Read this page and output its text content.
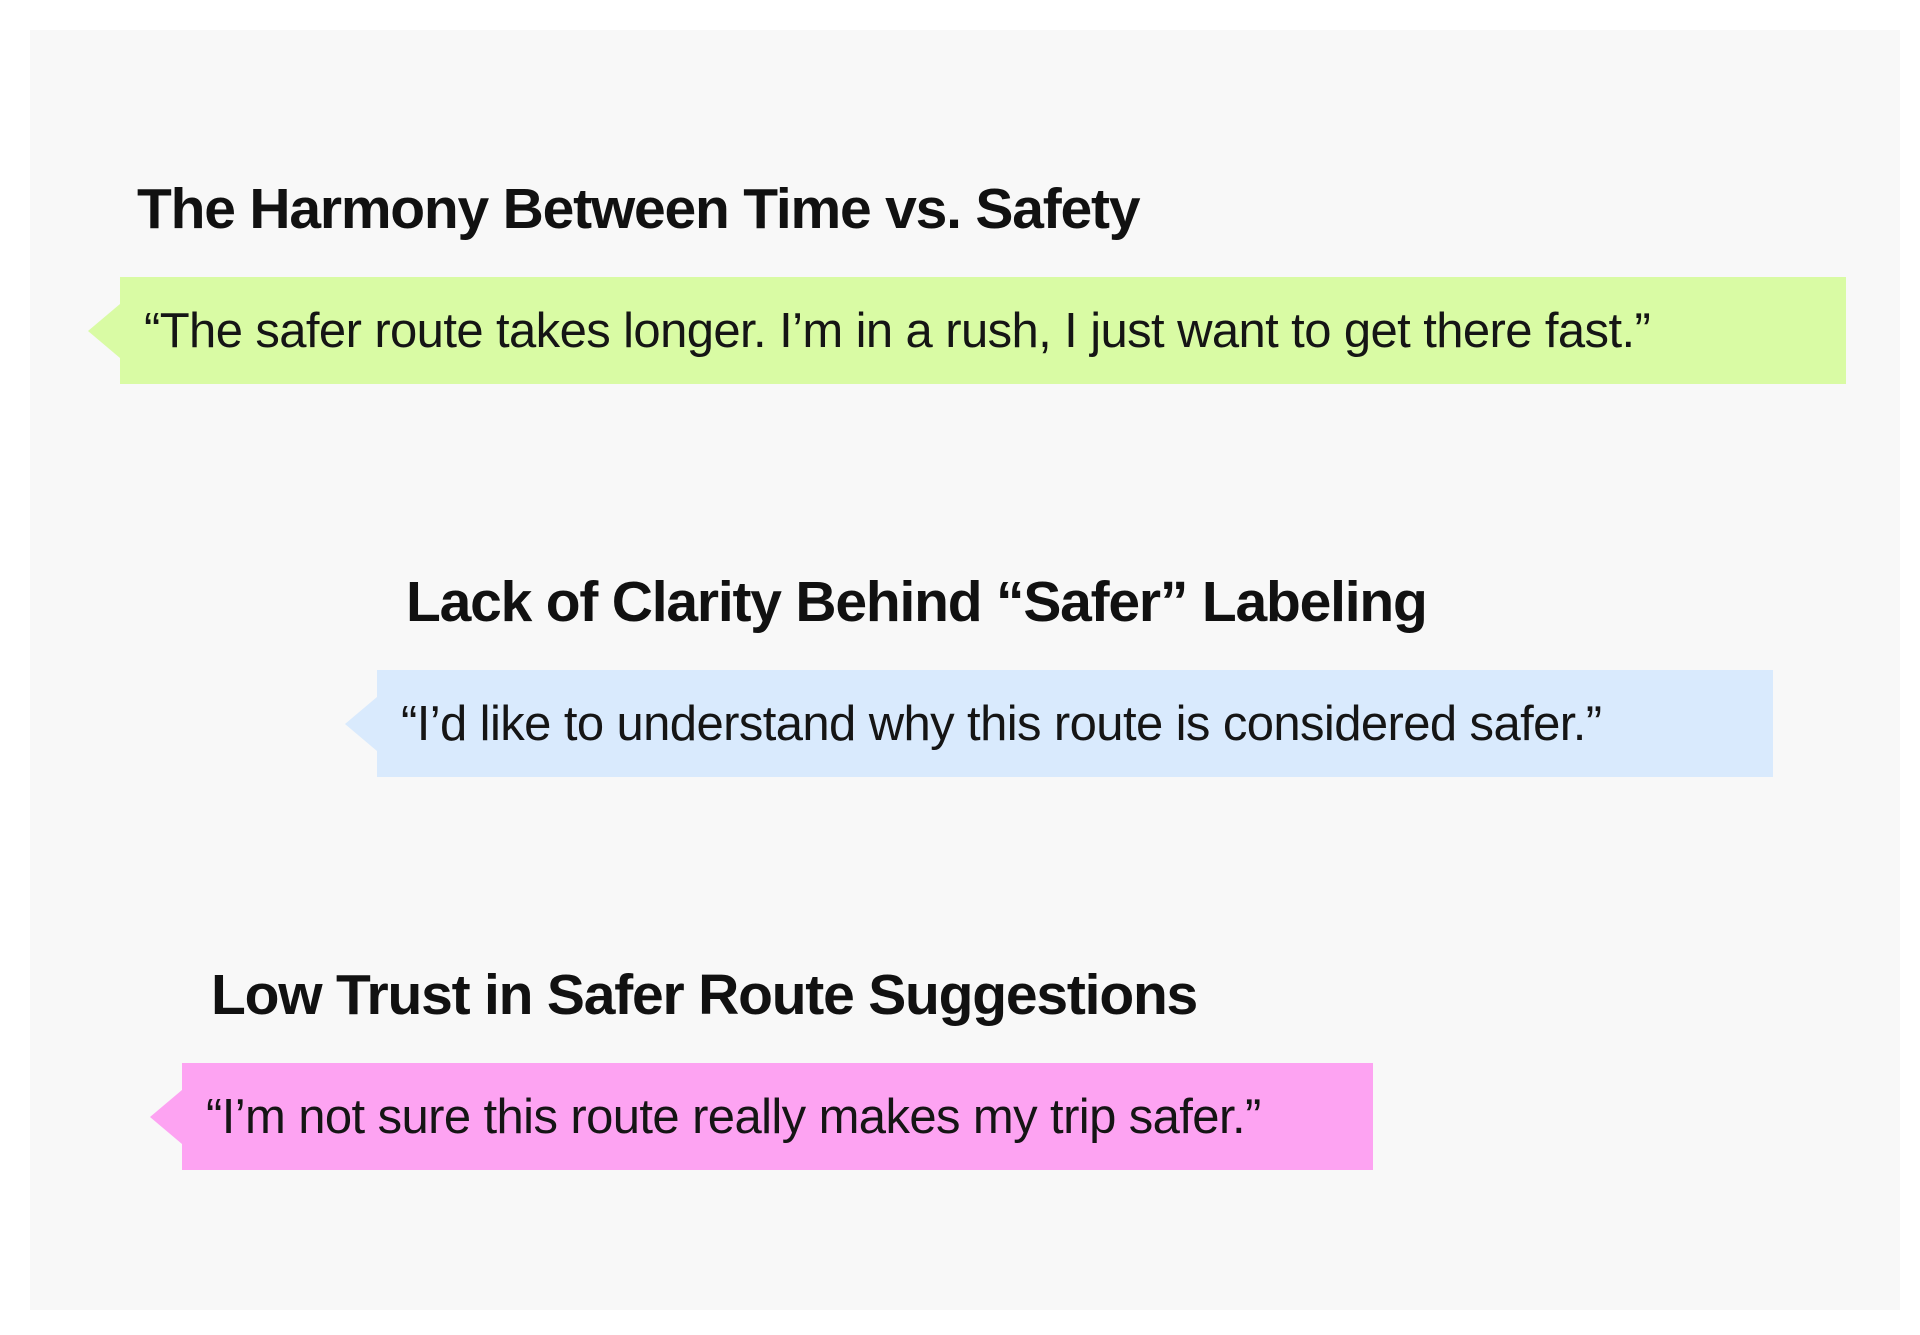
The Harmony Between Time vs. Safety
“The safer route takes longer. I’m in a rush, I just want to get there fast.”
Lack of Clarity Behind “Safer” Labeling
“I’d like to understand why this route is considered safer.”
Low Trust in Safer Route Suggestions
“I’m not sure this route really makes my trip safer.”
